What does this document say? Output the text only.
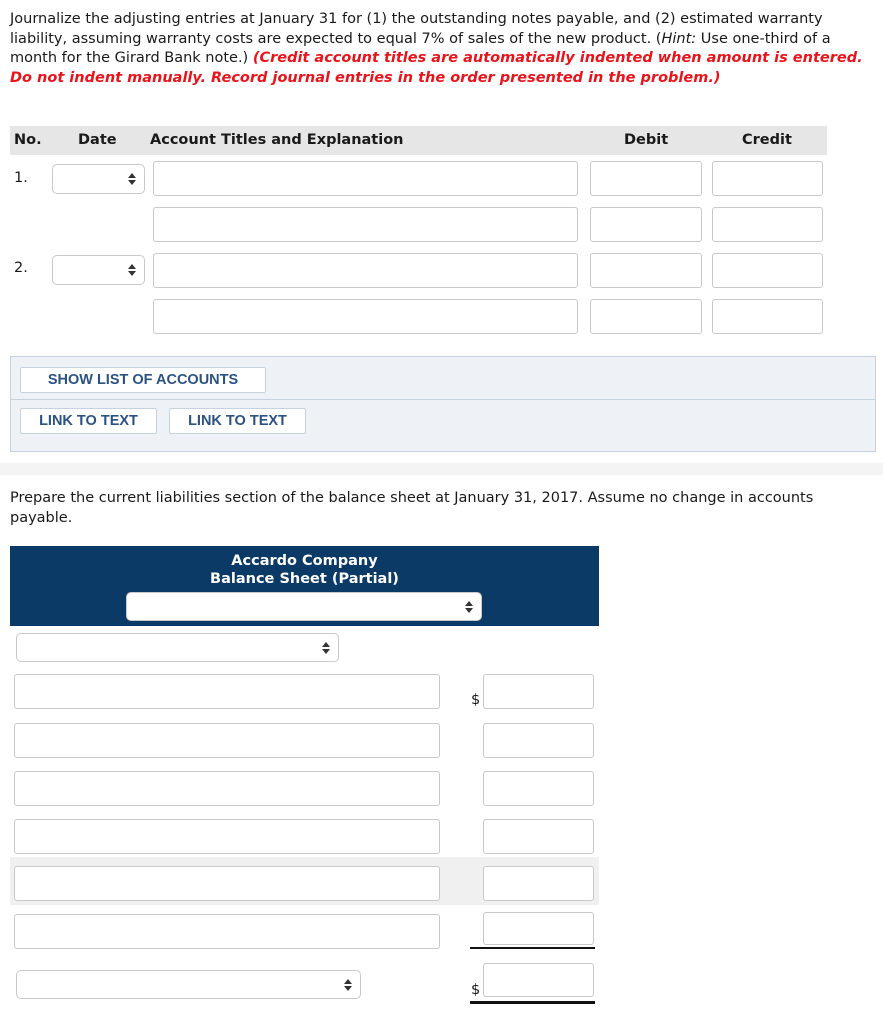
Journalize the adjusting entries at January 31 for (1) the outstanding notes payable, and (2) estimated warranty liability, assuming warranty costs are expected to equal 7% of sales of the new product. (Hint: Use one-third of a month for the Girard Bank note.) (Credit account titles are automatically indented when amount is entered. Do not indent manually. Record journal entries in the order presented in the problem.)

No.	Date Account Titles and Explanation	Debit	Credit
1.
2.
SHOW LIST OF ACCOUNTS
LINK TO TEXT	LINK TO TEXT

Prepare the current liabilities section of the balance sheet at January 31, 2017. Assume no change in accounts payable.

Accardo Company
Balance Sheet (Partial)
$
$
